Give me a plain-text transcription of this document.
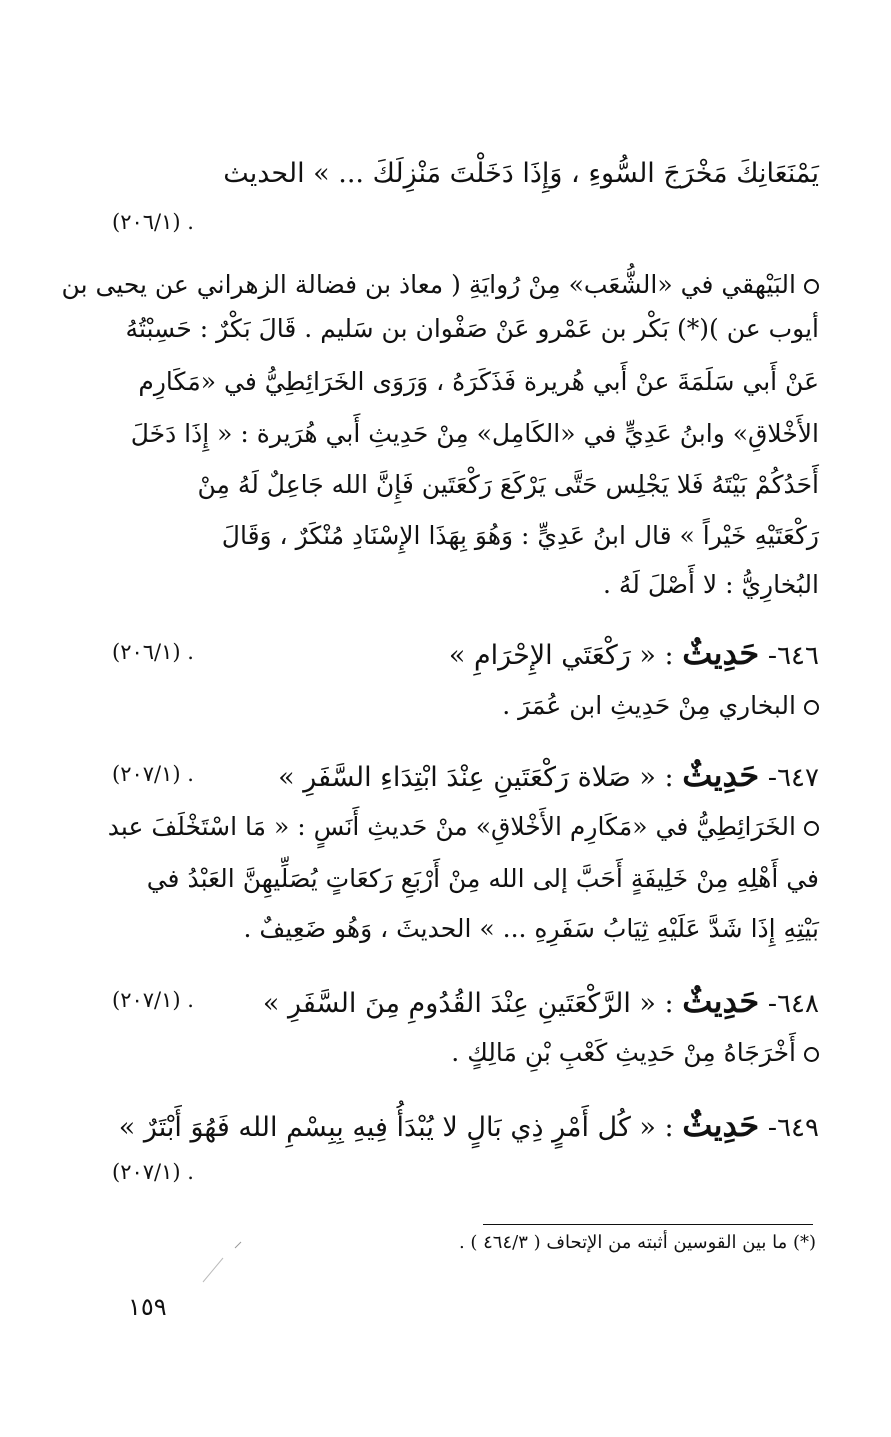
يَمْنَعَانِكَ مَخْرَجَ السُّوءِ ، وَإِذَا دَخَلْتَ مَنْزِلَكَ ... » الحديث
. (٢٠٦/١)
البَيْهقي في «الشُّعَب» مِنْ رُوايَةِ ( معاذ بن فضالة الزهراني عن يحيى بن
أيوب عن )(*) بَكْر بن عَمْرو عَنْ صَفْوان بن سَليم . قَالَ بَكْرٌ : حَسِبْتُهُ
عَنْ أَبي سَلَمَةَ عنْ أَبي هُريرة فَذَكَرَهُ ، وَرَوَى الخَرَائِطِيُّ في «مَكَارِم
الأَخْلاقِ» وابنُ عَدِيٍّ في «الكَامِل» مِنْ حَدِيثِ أَبي هُرَيرة : « إِذَا دَخَلَ
أَحَدُكُمْ بَيْتَهُ فَلا يَجْلِس حَتَّى يَرْكَعَ رَكْعَتَين فَإِنَّ الله جَاعِلٌ لَهُ مِنْ
رَكْعَتَيْهِ خَيْراً » قال ابنُ عَدِيٍّ : وَهُوَ بِهَذَا الإِسْنَادِ مُنْكَرٌ ، وَقَالَ
البُخارِيُّ : لا أَصْلَ لَهُ .
٦٤٦- حَدِيثٌ : « رَكْعَتَي الإِحْرَامِ »
. (٢٠٦/١)
البخاري مِنْ حَدِيثِ ابن عُمَرَ .
٦٤٧- حَدِيثٌ : « صَلاة رَكْعَتَينِ عِنْدَ ابْتِدَاءِ السَّفَرِ »
. (٢٠٧/١)
الخَرَائِطِيُّ في «مَكَارِم الأَخْلاقِ» منْ حَديثِ أَنَسٍ : « مَا اسْتَخْلَفَ عبد
في أَهْلِهِ مِنْ خَلِيفَةٍ أَحَبَّ إلى الله مِنْ أَرْبَعِ رَكعَاتٍ يُصَلِّيهِنَّ العَبْدُ في
بَيْتِهِ إِذَا شَدَّ عَلَيْهِ ثِيَابُ سَفَرِهِ ... » الحديثَ ، وَهُو ضَعِيفٌ .
٦٤٨- حَدِيثٌ : « الرَّكْعَتَينِ عِنْدَ القُدُومِ مِنَ السَّفَرِ »
. (٢٠٧/١)
أَخْرَجَاهُ مِنْ حَدِيثِ كَعْبِ بْنِ مَالِكٍ .
٦٤٩- حَدِيثٌ : « كُل أَمْرٍ ذِي بَالٍ لا يُبْدَأُ فِيهِ بِبِسْمِ الله فَهُوَ أَبْتَرٌ »
. (٢٠٧/١)
(*) ما بين القوسين أثبته من الإتحاف ( ٤٦٤/٣ ) .
١٥٩
